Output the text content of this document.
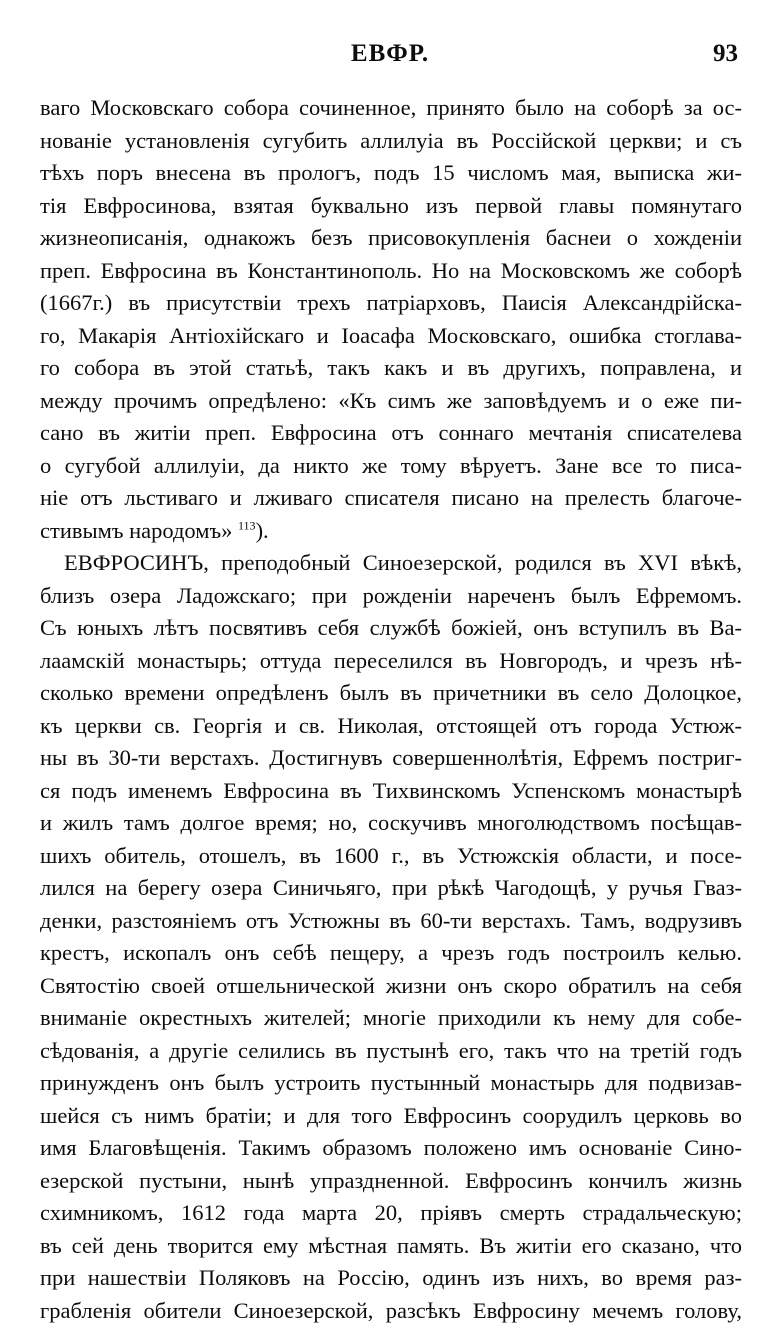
ЕВФР.	93
ваго Московскаго собора сочиненное, принято было на соборѣ за ос-
нованіе установленія сугубить аллилуіа въ Россійской церкви; и съ
тѣхъ поръ внесена въ прологъ, подъ 15 числомъ мая, выписка жи-
тія Евфросинова, взятая буквально изъ первой главы помянутаго
жизнеописанія, однакожъ безъ присовокупленія баснеи о хожденіи
преп. Евфросина въ Константинополь. Но на Московскомъ же соборѣ
(1667г.) въ присутствіи трехъ патріарховъ, Паисія Александрійска-
го, Макарія Антіохійскаго и Іоасафа Московскаго, ошибка стоглава-
го собора въ этой статьѣ, такъ какъ и въ другихъ, поправлена, и
между прочимъ опредѣлено: «Къ симъ же заповѣдуемъ и о еже пи-
сано въ житіи преп. Евфросина отъ соннаго мечтанія списателева
о сугубой аллилуіи, да никто же тому вѣруетъ. Зане все то писа-
ніе отъ льстиваго и лживаго списателя писано на прелесть благоче-
стивымъ народомъ» $^{113}$).
ЕВФРОСИНЪ, преподобный Синоезерской, родился въ XVI вѣкѣ,
близъ озера Ладожскаго; при рожденіи нареченъ былъ Ефремомъ.
Съ юныхъ лѣтъ посвятивъ себя службѣ божіей, онъ вступилъ въ Ва-
лаамскій монастырь; оттуда переселился въ Новгородъ, и чрезъ нѣ-
сколько времени опредѣленъ былъ въ причетники въ село Долоцкое,
къ церкви св. Георгія и св. Николая, отстоящей отъ города Устюж-
ны въ 30-ти верстахъ. Достигнувъ совершеннолѣтія, Ефремъ постриг-
ся подъ именемъ Евфросина въ Тихвинскомъ Успенскомъ монастырѣ
и жилъ тамъ долгое время; но, соскучивъ многолюдствомъ посѣщав-
шихъ обитель, отошелъ, въ 1600 г., въ Устюжскія области, и посе-
лился на берегу озера Синичьяго, при рѣкѣ Чагодощѣ, у ручья Гваз-
денки, разстояніемъ отъ Устюжны въ 60-ти верстахъ. Тамъ, водрузивъ
крестъ, ископалъ онъ себѣ пещеру, а чрезъ годъ построилъ келью.
Святостію своей отшельнической жизни онъ скоро обратилъ на себя
вниманіе окрестныхъ жителей; многіе приходили къ нему для собе-
сѣдованія, а другіе селились въ пустынѣ его, такъ что на третій годъ
принужденъ онъ былъ устроить пустынный монастырь для подвизав-
шейся съ нимъ братіи; и для того Евфросинъ соорудилъ церковь во
имя Благовѣщенія. Такимъ образомъ положено имъ основаніе Сино-
езерской пустыни, нынѣ упраздненной. Евфросинъ кончилъ жизнь
схимникомъ, 1612 года марта 20, пріявъ смерть страдальческую;
въ сей день творится ему мѣстная память. Въ житіи его сказано, что
при нашествіи Поляковъ на Россію, одинъ изъ нихъ, во время раз-
грабленія обители Синоезерской, разсѣкъ Евфросину мечемъ голову,
